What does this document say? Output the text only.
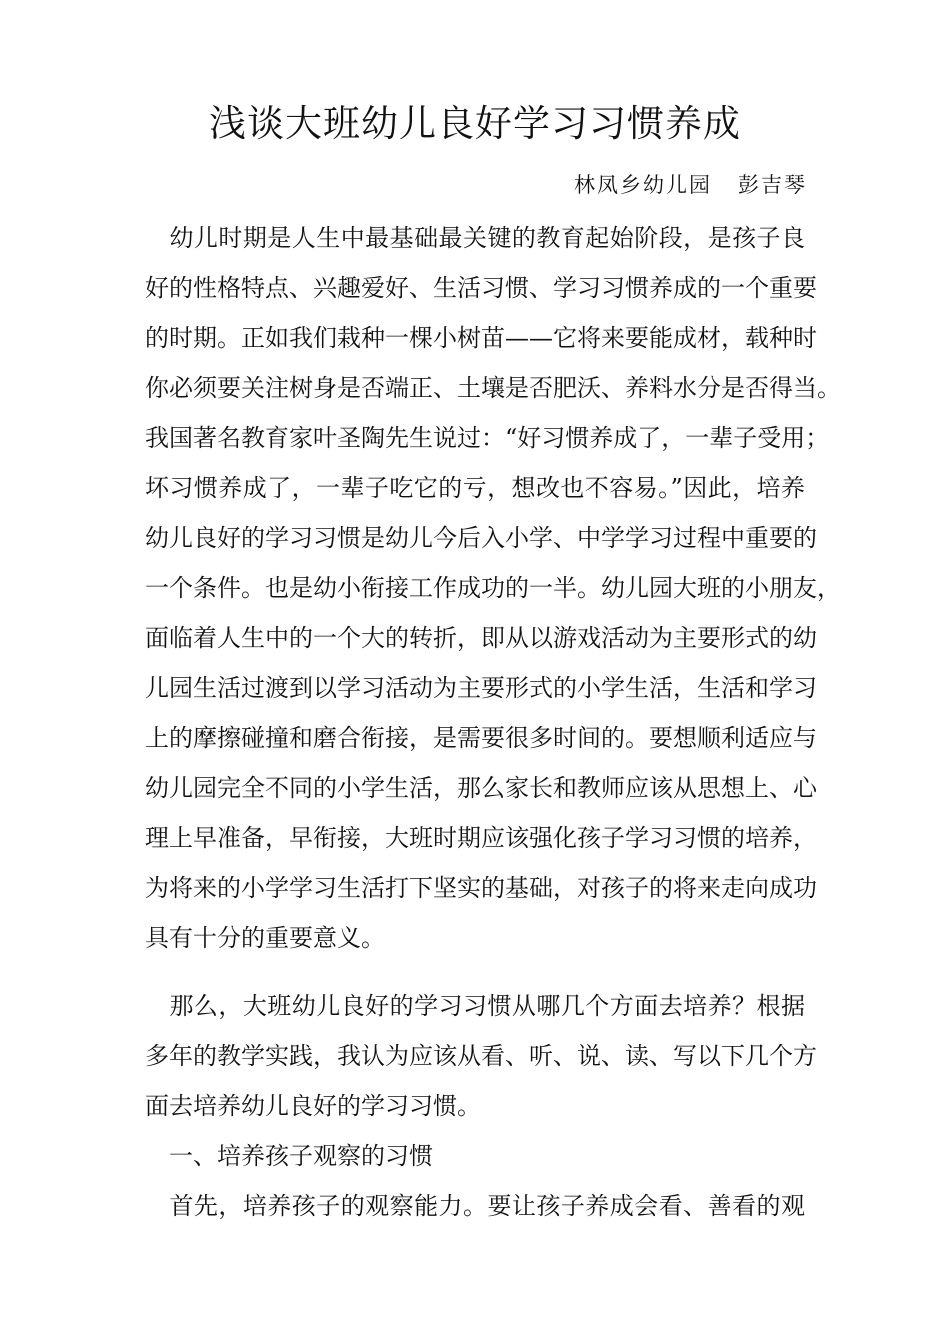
浅谈大班幼儿良好学习习惯养成
林凤乡幼儿园 彭吉琴
　幼儿时期是人生中最基础最关键的教育起始阶段，是孩子良
好的性格特点、兴趣爱好、生活习惯、学习习惯养成的一个重要
的时期。正如我们栽种一棵小树苗——它将来要能成材，载种时
你必须要关注树身是否端正、土壤是否肥沃、养料水分是否得当。
我国著名教育家叶圣陶先生说过：“好习惯养成了，一辈子受用；
坏习惯养成了，一辈子吃它的亏，想改也不容易。”因此，培养
幼儿良好的学习习惯是幼儿今后入小学、中学学习过程中重要的
一个条件。也是幼小衔接工作成功的一半。幼儿园大班的小朋友，
面临着人生中的一个大的转折，即从以游戏活动为主要形式的幼
儿园生活过渡到以学习活动为主要形式的小学生活，生活和学习
上的摩擦碰撞和磨合衔接，是需要很多时间的。要想顺利适应与
幼儿园完全不同的小学生活，那么家长和教师应该从思想上、心
理上早准备，早衔接，大班时期应该强化孩子学习习惯的培养，
为将来的小学学习生活打下坚实的基础，对孩子的将来走向成功
具有十分的重要意义。
　那么，大班幼儿良好的学习习惯从哪几个方面去培养？根据
多年的教学实践，我认为应该从看、听、说、读、写以下几个方
面去培养幼儿良好的学习习惯。
　一、培养孩子观察的习惯
　首先，培养孩子的观察能力。要让孩子养成会看、善看的观
